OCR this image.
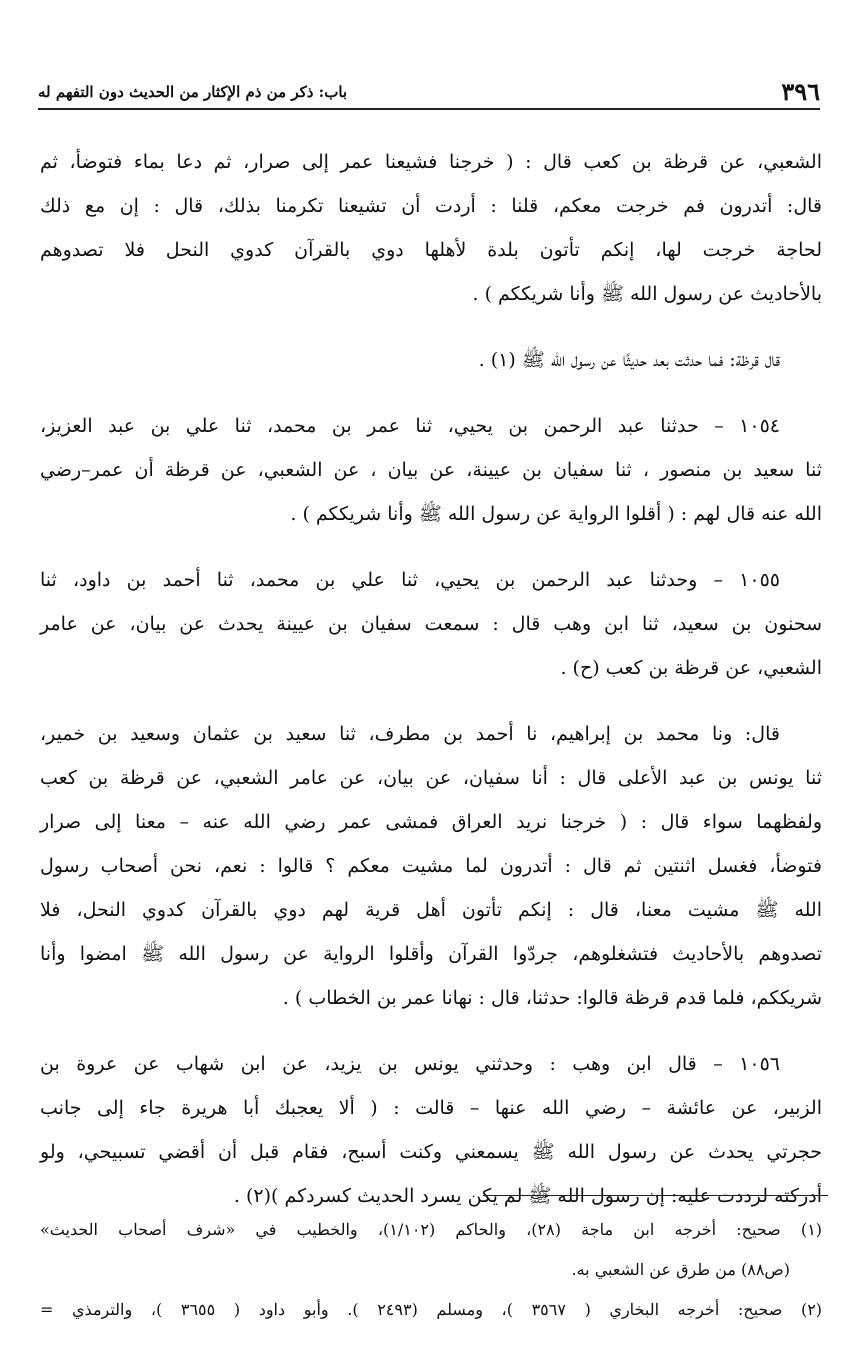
٣٩٦
باب: ذكر من ذم الإكثار من الحديث دون التفهم له
الشعبي، عن قرظة بن كعب قال : ( خرجنا فشيعنا عمر إلى صرار، ثم دعا بماء فتوضأ، ثم
قال: أتدرون فم خرجت معكم، قلنا : أردت أن تشيعنا تكرمنا بذلك، قال : إن مع ذلك
لحاجة خرجت لها، إنكم تأتون بلدة لأهلها دوي بالقرآن كدوي النحل فلا تصدوهم
بالأحاديث عن رسول الله ﷺ وأنا شريككم ) .
قال قرظة: فما حدثت بعد حديثًا عن رسول الله ﷺ (١) .
١٠٥٤ – حدثنا عبد الرحمن بن يحيي، ثنا عمر بن محمد، ثنا علي بن عبد العزيز،
ثنا سعيد بن منصور ، ثنا سفيان بن عيينة، عن بيان ، عن الشعبي، عن قرظة أن عمر–رضي
الله عنه قال لهم : ( أقلوا الرواية عن رسول الله ﷺ وأنا شريككم ) .
١٠٥٥ – وحدثنا عبد الرحمن بن يحيي، ثنا علي بن محمد، ثنا أحمد بن داود، ثنا
سحنون بن سعيد، ثنا ابن وهب قال : سمعت سفيان بن عيينة يحدث عن بيان، عن عامر
الشعبي، عن قرظة بن كعب (ح) .
قال: ونا محمد بن إبراهيم، نا أحمد بن مطرف، ثنا سعيد بن عثمان وسعيد بن خمير،
ثنا يونس بن عبد الأعلى قال : أنا سفيان، عن بيان، عن عامر الشعبي، عن قرظة بن كعب
ولفظهما سواء قال : ( خرجنا نريد العراق فمشى عمر رضي الله عنه – معنا إلى صرار
فتوضأ، فغسل اثنتين ثم قال : أتدرون لما مشيت معكم ؟ قالوا : نعم، نحن أصحاب رسول
الله ﷺ مشيت معنا، قال : إنكم تأتون أهل قرية لهم دوي بالقرآن كدوي النحل، فلا
تصدوهم بالأحاديث فتشغلوهم، جردّوا القرآن وأقلوا الرواية عن رسول الله ﷺ امضوا وأنا
شريككم، فلما قدم قرظة قالوا: حدثنا، قال : نهانا عمر بن الخطاب ) .
١٠٥٦ – قال ابن وهب : وحدثني يونس بن يزيد، عن ابن شهاب عن عروة بن
الزبير، عن عائشة – رضي الله عنها – قالت : ( ألا يعجبك أبا هريرة جاء إلى جانب
حجرتي يحدث عن رسول الله ﷺ يسمعني وكنت أسبح، فقام قبل أن أقضي تسبيحي، ولو
أدركته لرددت عليه: إن رسول الله ﷺ لم يكن يسرد الحديث كسردكم )(٢) .
(١) صحيح: أخرجه ابن ماجة (٢٨)، والحاكم (١/١٠٢)، والخطيب في «شرف أصحاب الحديث»
(ص٨٨) من طرق عن الشعبي به.
(٢) صحيح: أخرجه البخاري ( ٣٥٦٧ )، ومسلم (٢٤٩٣ ). وأبو داود ( ٣٦٥٥ )، والترمذي =
